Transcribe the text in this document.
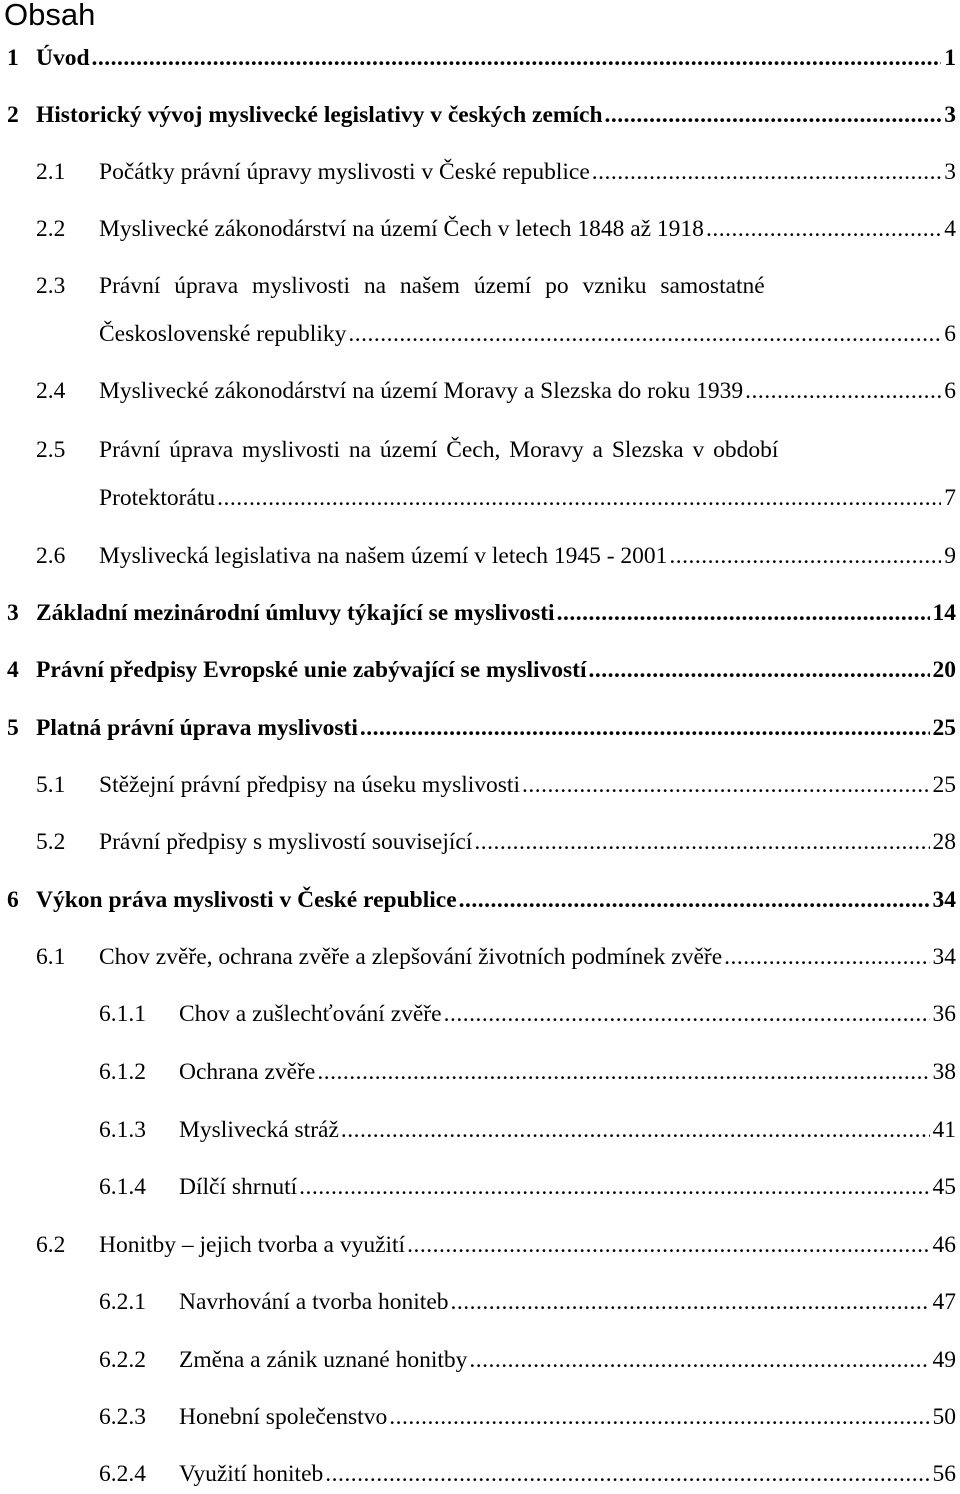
Obsah
1 Úvod .....	1
2 Historický vývoj myslivecké legislativy v českých zemích .....	3
2.1 Počátky právní úpravy myslivosti v České republice .....	3
2.2 Myslivecké zákonodárství na území Čech v letech 1848 až 1918 .....	4
2.3 Právní úprava myslivosti na našem území po vzniku samostatné
Československé republiky .....	6
2.4 Myslivecké zákonodárství na území Moravy a Slezska do roku 1939 .....	6
2.5 Právní úprava myslivosti na území Čech, Moravy a Slezska v období
Protektorátu .....	7
2.6 Myslivecká legislativa na našem území v letech 1945 - 2001 .....	9
3 Základní mezinárodní úmluvy týkající se myslivosti .....	14
4 Právní předpisy Evropské unie zabývající se myslivostí .....	20
5 Platná právní úprava myslivosti .....	25
5.1 Stěžejní právní předpisy na úseku myslivosti .....	25
5.2 Právní předpisy s myslivostí související .....	28
6 Výkon práva myslivosti v České republice .....	34
6.1 Chov zvěře, ochrana zvěře a zlepšování životních podmínek zvěře .....	34
6.1.1 Chov a zušlechťování zvěře .....	36
6.1.2 Ochrana zvěře .....	38
6.1.3 Myslivecká stráž .....	41
6.1.4 Dílčí shrnutí .....	45
6.2 Honitby – jejich tvorba a využití .....	46
6.2.1 Navrhování a tvorba honiteb .....	47
6.2.2 Změna a zánik uznané honitby .....	49
6.2.3 Honební společenstvo .....	50
6.2.4 Využití honiteb .....	56
